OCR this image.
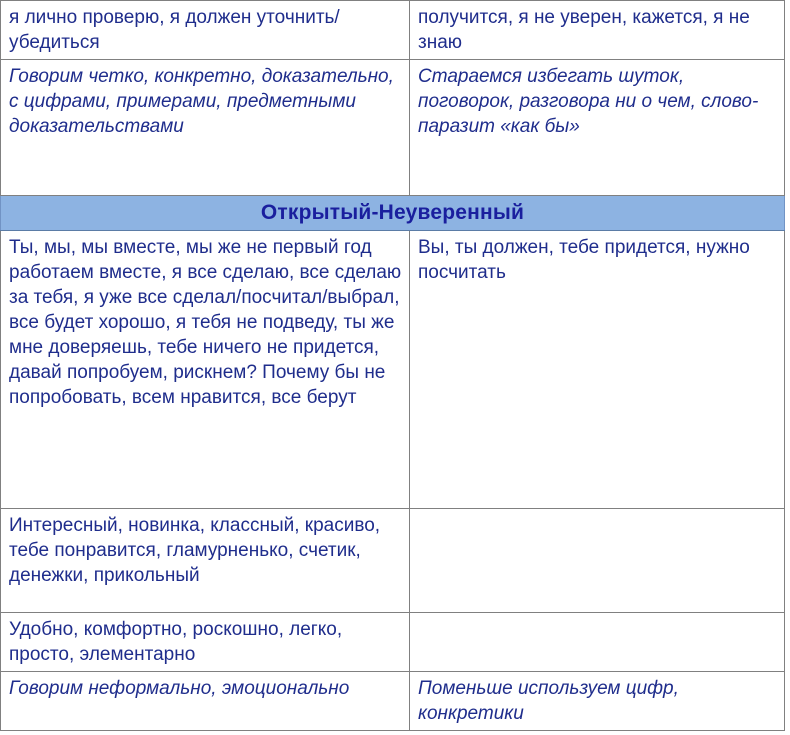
я лично проверю, я должен уточнить/убедиться	получится, я не уверен, кажется, я не знаю

Говорим четко, конкретно, доказательно, с цифрами, примерами, предметными доказательствами	Стараемся избегать шуток, поговорок, разговора ни о чем, слово-паразит «как бы»

Открытый-Неуверенный	

Ты, мы, мы вместе, мы же не первый год работаем вместе, я все сделаю, все сделаю за тебя, я уже все сделал/посчитал/выбрал, все будет хорошо, я тебя не подведу, ты же мне доверяешь, тебе ничего не придется, давай попробуем, рискнем? Почему бы не попробовать, всем нравится, все берут	Вы, ты должен, тебе придется, нужно посчитать

Интересный, новинка, классный, красиво, тебе понравится, гламурненько, счетик, денежки, прикольный	

Удобно, комфортно, роскошно, легко, просто, элементарно	

Говорим неформально, эмоционально	Поменьше используем цифр, конкретики
